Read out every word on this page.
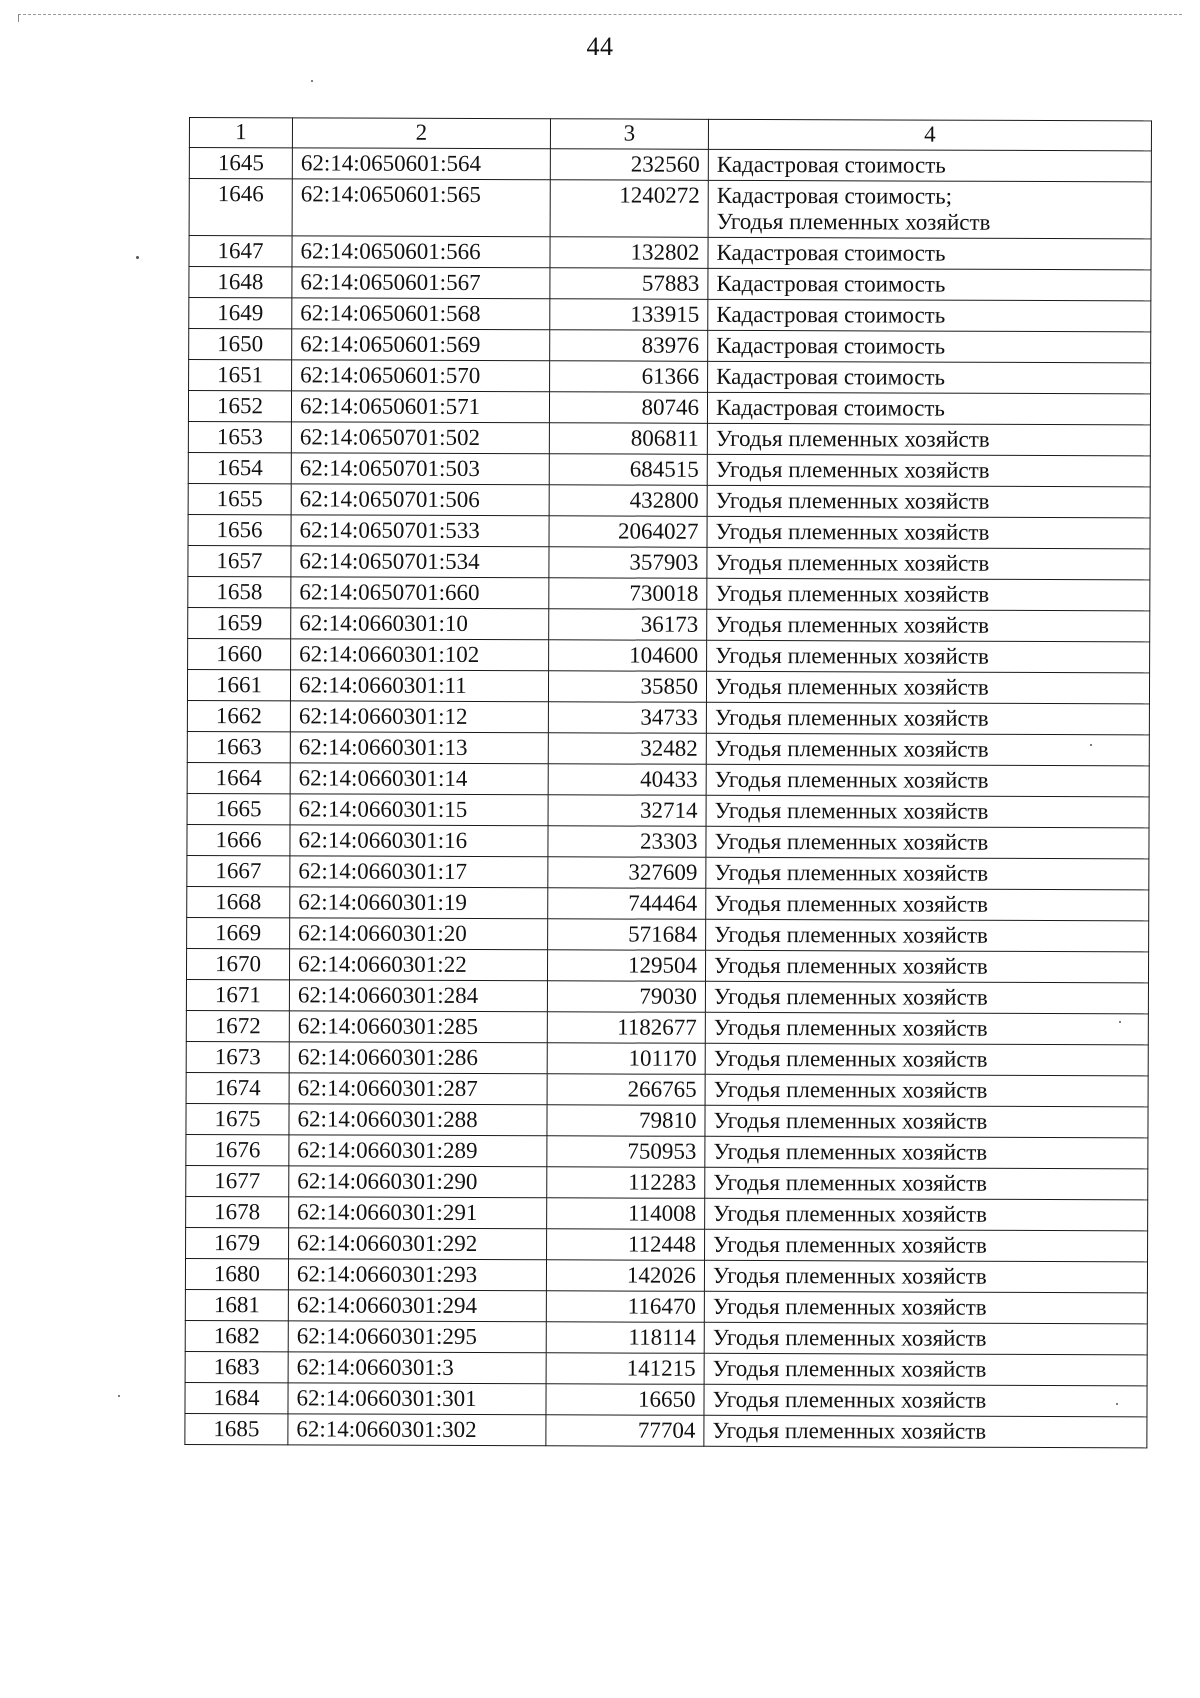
44
1	2	3	4
1645	62:14:0650601:564	232560	Кадастровая стоимость

1646	62:14:0650601:565	1240272	Кадастровая стоимость;
Угодья племенных хозяйств

1647	62:14:0650601:566	132802	Кадастровая стоимость

1648	62:14:0650601:567	57883	Кадастровая стоимость

1649	62:14:0650601:568	133915	Кадастровая стоимость

1650	62:14:0650601:569	83976	Кадастровая стоимость

1651	62:14:0650601:570	61366	Кадастровая стоимость

1652	62:14:0650601:571	80746	Кадастровая стоимость

1653	62:14:0650701:502	806811	Угодья племенных хозяйств

1654	62:14:0650701:503	684515	Угодья племенных хозяйств

1655	62:14:0650701:506	432800	Угодья племенных хозяйств

1656	62:14:0650701:533	2064027	Угодья племенных хозяйств

1657	62:14:0650701:534	357903	Угодья племенных хозяйств

1658	62:14:0650701:660	730018	Угодья племенных хозяйств

1659	62:14:0660301:10	36173	Угодья племенных хозяйств

1660	62:14:0660301:102	104600	Угодья племенных хозяйств

1661	62:14:0660301:11	35850	Угодья племенных хозяйств

1662	62:14:0660301:12	34733	Угодья племенных хозяйств

1663	62:14:0660301:13	32482	Угодья племенных хозяйств

1664	62:14:0660301:14	40433	Угодья племенных хозяйств

1665	62:14:0660301:15	32714	Угодья племенных хозяйств

1666	62:14:0660301:16	23303	Угодья племенных хозяйств

1667	62:14:0660301:17	327609	Угодья племенных хозяйств

1668	62:14:0660301:19	744464	Угодья племенных хозяйств

1669	62:14:0660301:20	571684	Угодья племенных хозяйств

1670	62:14:0660301:22	129504	Угодья племенных хозяйств

1671	62:14:0660301:284	79030	Угодья племенных хозяйств

1672	62:14:0660301:285	1182677	Угодья племенных хозяйств

1673	62:14:0660301:286	101170	Угодья племенных хозяйств

1674	62:14:0660301:287	266765	Угодья племенных хозяйств

1675	62:14:0660301:288	79810	Угодья племенных хозяйств

1676	62:14:0660301:289	750953	Угодья племенных хозяйств

1677	62:14:0660301:290	112283	Угодья племенных хозяйств

1678	62:14:0660301:291	114008	Угодья племенных хозяйств

1679	62:14:0660301:292	112448	Угодья племенных хозяйств

1680	62:14:0660301:293	142026	Угодья племенных хозяйств

1681	62:14:0660301:294	116470	Угодья племенных хозяйств

1682	62:14:0660301:295	118114	Угодья племенных хозяйств

1683	62:14:0660301:3	141215	Угодья племенных хозяйств

1684	62:14:0660301:301	16650	Угодья племенных хозяйств

1685	62:14:0660301:302	77704	Угодья племенных хозяйств
